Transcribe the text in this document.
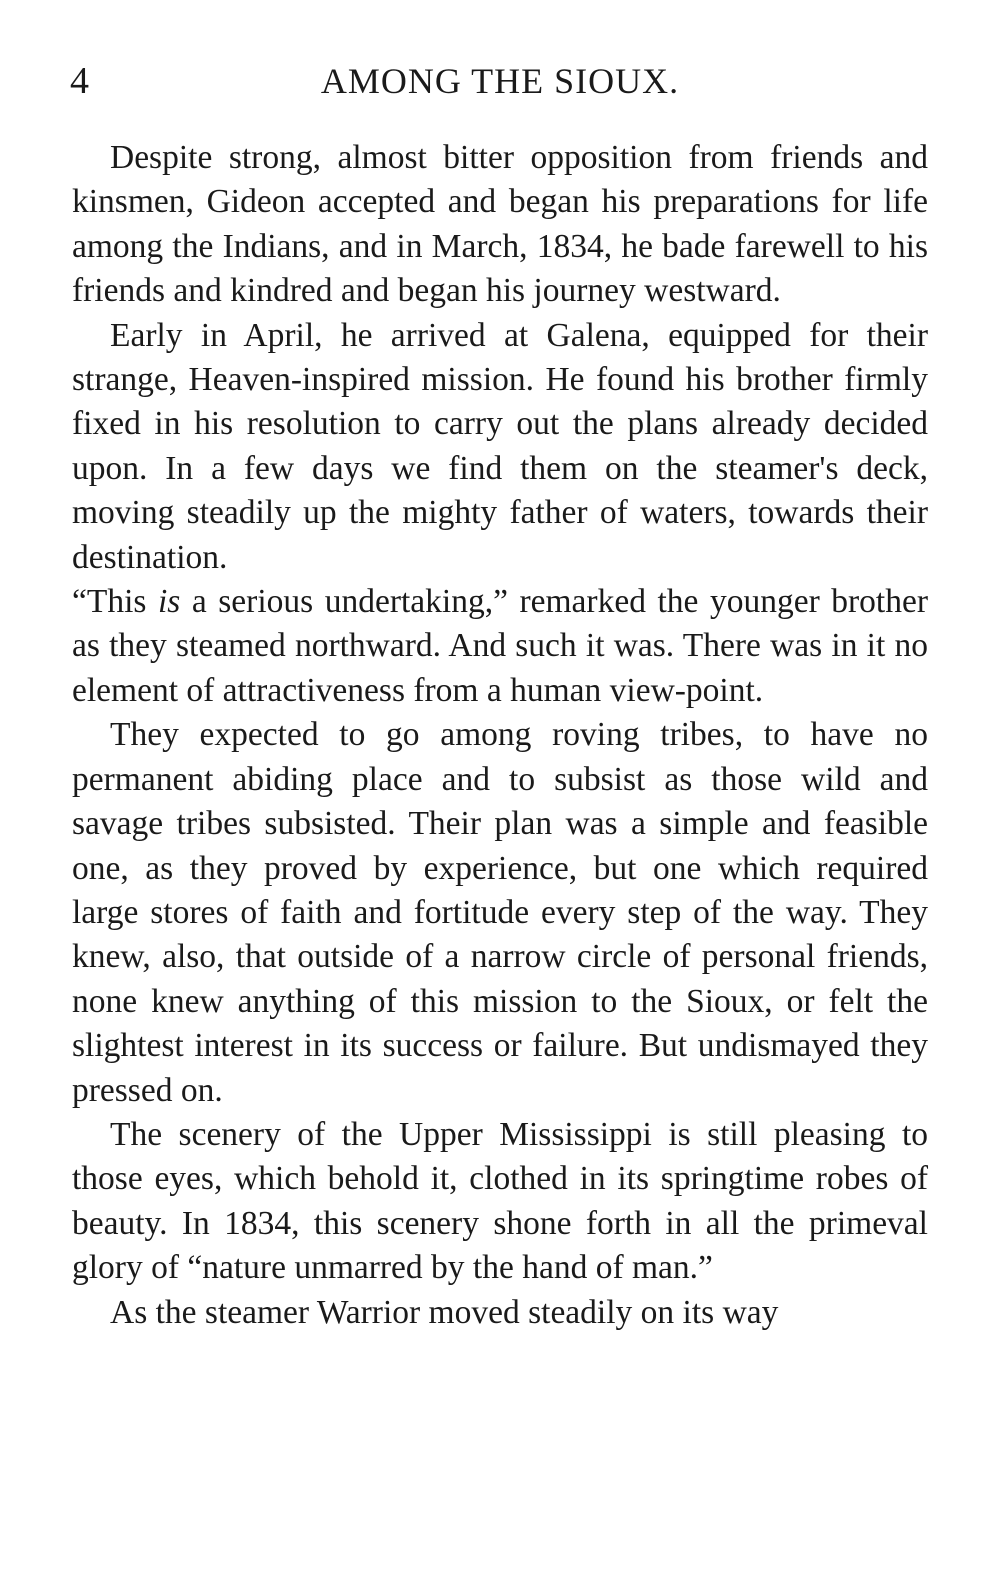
4	AMONG THE SIOUX.

Despite strong, almost bitter opposition from friends and kinsmen, Gideon accepted and began his preparations for life among the Indians, and in March, 1834, he bade farewell to his friends and kindred and began his journey westward.

Early in April, he arrived at Galena, equipped for their strange, Heaven-inspired mission. He found his brother firmly fixed in his resolution to carry out the plans already decided upon. In a few days we find them on the steamer's deck, moving steadily up the mighty father of waters, towards their destination.
“This is a serious undertaking,” remarked the younger brother as they steamed northward. And such it was. There was in it no element of attractiveness from a human view-point.

They expected to go among roving tribes, to have no permanent abiding place and to subsist as those wild and savage tribes subsisted. Their plan was a simple and feasible one, as they proved by experience, but one which required large stores of faith and fortitude every step of the way. They knew, also, that outside of a narrow circle of personal friends, none knew anything of this mission to the Sioux, or felt the slightest interest in its success or failure. But undismayed they pressed on.

The scenery of the Upper Mississippi is still pleasing to those eyes, which behold it, clothed in its springtime robes of beauty. In 1834, this scenery shone forth in all the primeval glory of “nature unmarred by the hand of man.”

As the steamer Warrior moved steadily on its way
